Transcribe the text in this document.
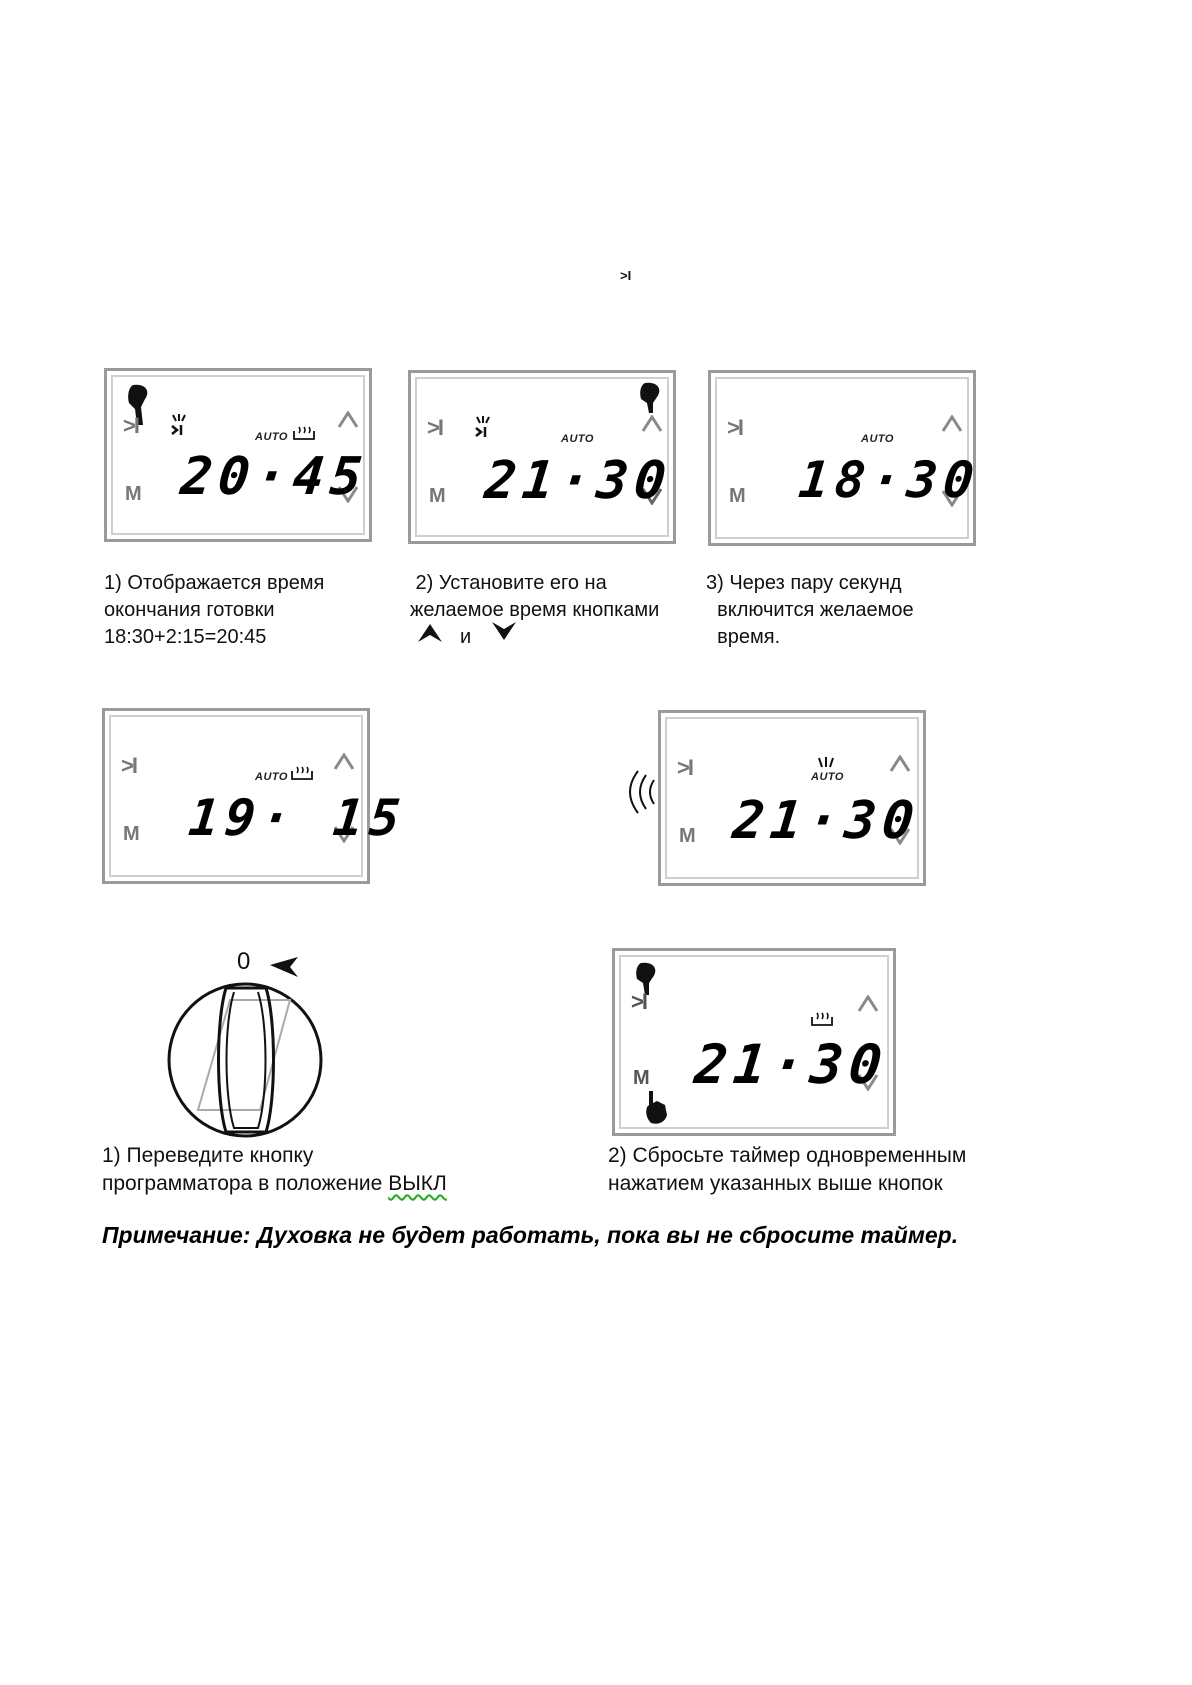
>I
>I
M
AUTO
20·45
1) Отображается время
окончания готовки
18:30+2:15=20:45
>I
M
AUTO
21·30
2) Установите его на
желаемое время кнопками
и
>I
M
AUTO
18·30
3) Через пару секунд
включится желаемое
время.
>I
M
AUTO
19· 15
>I
M
AUTO
21·30
0
1) Переведите кнопку
программатора в положение ВЫКЛ
>I
M 21·30
2) Сбросьте таймер одновременным
нажатием указанных выше кнопок
Примечание: Духовка не будет работать, пока вы не сбросите таймер.
